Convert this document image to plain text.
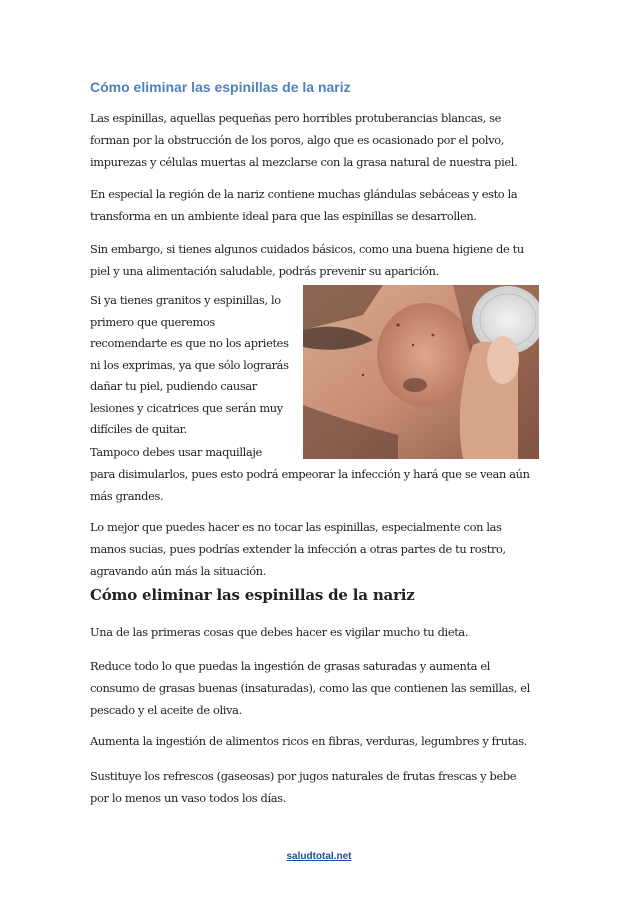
Cómo eliminar las espinillas de la nariz

Las espinillas, aquellas pequeñas pero horribles protuberancias blancas, se
forman por la obstrucción de los poros, algo que es ocasionado por el polvo,
impurezas y células muertas al mezclarse con la grasa natural de nuestra piel.

En especial la región de la nariz contiene muchas glándulas sebáceas y esto la
transforma en un ambiente ideal para que las espinillas se desarrollen.

Sin embargo, si tienes algunos cuidados básicos, como una buena higiene de tu
piel y una alimentación saludable, podrás prevenir su aparición.

Si ya tienes granitos y espinillas, lo
primero que queremos
recomendarte es que no los aprietes
ni los exprimas, ya que sólo lograrás
dañar tu piel, pudiendo causar
lesiones y cicatrices que serán muy
difíciles de quitar.

Tampoco debes usar maquillaje
para disimularlos, pues esto podrá empeorar la infección y hará que se vean aún
más grandes.

Lo mejor que puedes hacer es no tocar las espinillas, especialmente con las
manos sucias, pues podrías extender la infección a otras partes de tu rostro,
agravando aún más la situación.

Cómo eliminar las espinillas de la nariz

Una de las primeras cosas que debes hacer es vigilar mucho tu dieta.

Reduce todo lo que puedas la ingestión de grasas saturadas y aumenta el
consumo de grasas buenas (insaturadas), como las que contienen las semillas, el
pescado y el aceite de oliva.

Aumenta la ingestión de alimentos ricos en fibras, verduras, legumbres y frutas.

Sustituye los refrescos (gaseosas) por jugos naturales de frutas frescas y bebe
por lo menos un vaso todos los días.

saludtotal.net
